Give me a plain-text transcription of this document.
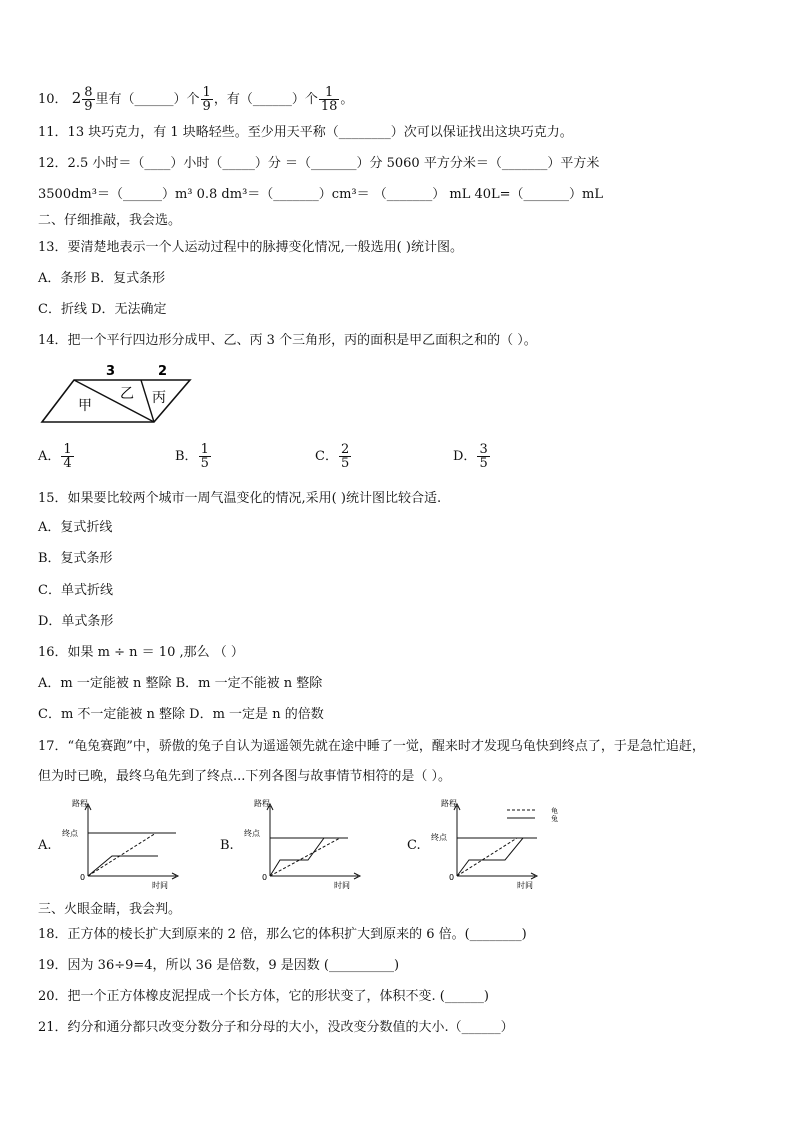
10． $2 \frac{8}{9}$ 里有（______）个 $\frac{1}{9}$ ，有（______）个 $\frac{1}{18}$ 。
11．13 块巧克力，有 1 块略轻些。至少用天平称（________）次可以保证找出这块巧克力。
12．2.5 小时＝（____）小时（_____）分 ＝（_______）分 5060 平方分米＝（_______）平方米
3500dm³＝（______）m³ 0.8 dm³＝（_______）cm³＝ （_______） mL 40L=（_______）mL
二、仔细推敲，我会选。
13．要清楚地表示一个人运动过程中的脉搏变化情况,一般选用( )统计图。
A．条形 B．复式条形
C．折线 D．无法确定
14．把一个平行四边形分成甲、乙、丙 3 个三角形，丙的面积是甲乙面积之和的（ ）。
3	2
甲
乙 丙
A． $\frac{1}{4}$	B． $\frac{1}{5}$	C． $\frac{2}{5}$	D． $\frac{3}{5}$
15．如果要比较两个城市一周气温变化的情况,采用( )统计图比较合适.
A．复式折线
B．复式条形
C．单式折线
D．单式条形
16．如果 m ÷ n ＝ 10 ,那么 （ ）
A．m 一定能被 n 整除 B．m 一定不能被 n 整除
C．m 不一定能被 n 整除 D．m 一定是 n 的倍数
17．“龟兔赛跑”中，骄傲的兔子自认为遥遥领先就在途中睡了一觉，醒来时才发现乌龟快到终点了，于是急忙追赶，
但为时已晚，最终乌龟先到了终点...下列各图与故事情节相符的是（ ）。
A.
路程
终点
0
时间
B.
路程
终点
0
时间
C.
路程
终点
0
时间
龟
兔
三、火眼金睛，我会判。
18．正方体的棱长扩大到原来的 2 倍，那么它的体积扩大到原来的 6 倍。(________)
19．因为 36÷9=4，所以 36 是倍数，9 是因数 (__________)
20．把一个正方体橡皮泥捏成一个长方体，它的形状变了，体积不变. (______)
21．约分和通分都只改变分数分子和分母的大小，没改变分数值的大小.（______）
